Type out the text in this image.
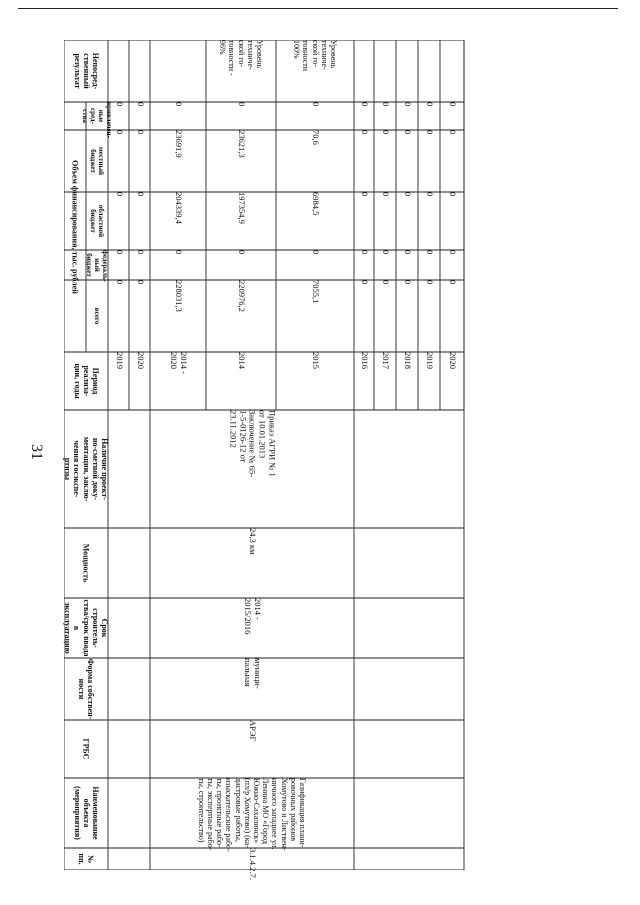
31
Непосред-
ственный
результат
Объем финансирования, тыс. рублей
привлечен-
ные сред-
ства
местный
бюджет
областной
бюджет
федераль-
ный бюджет
всего
Период реализа-
ции, годы
Наличие проект-
но-сметной доку-
ментации, заклю-
чения госэкспе-
ртизы
Мощность
Срок строитель-
ства/срок ввода в
эксплуатацию
Форма собствен-
ности
ГРБС
Наименование объекта
(мероприятия)
№
пп.
2019
0
0
0
0
0
2020
0
0
0
0
0
2014 -
2020
0
23691,9
204339,4
0
228031,3
2014
0
23621,3
197354,9
0
220976,2
Уровень
техниче-
ской го-
товности -
96%
2015
0
70,6
6984,5
0
7055,1
Уровень
техниче-
ской го-
товности
100%
2016
0
0
0
0
0
2017
0
0
0
0
0
2018
0
0
0
0
0
2019
0
0
0
0
0
2020
0
0
0
0
0
Приказ АГРИ № 1
от 10.01.2013
Заключение № 65-
1-5-0126-12 от
23.11.2012
24,3 км
2014 -
2015/2016
муници-
пальная
АРЭГ
Газификация плани-
ровочных районов
Хомутово и Листвен-
ничного западнее ул.
Ленина МО «Город
Южно-Сахалинск»
(пл/р Хомутово) (ка-
дастровые работы,
изыскательские рабо-
ты, проектные рабо-
ты, экспертные рабо-
ты, строительство)
3.1.4.2.7.
